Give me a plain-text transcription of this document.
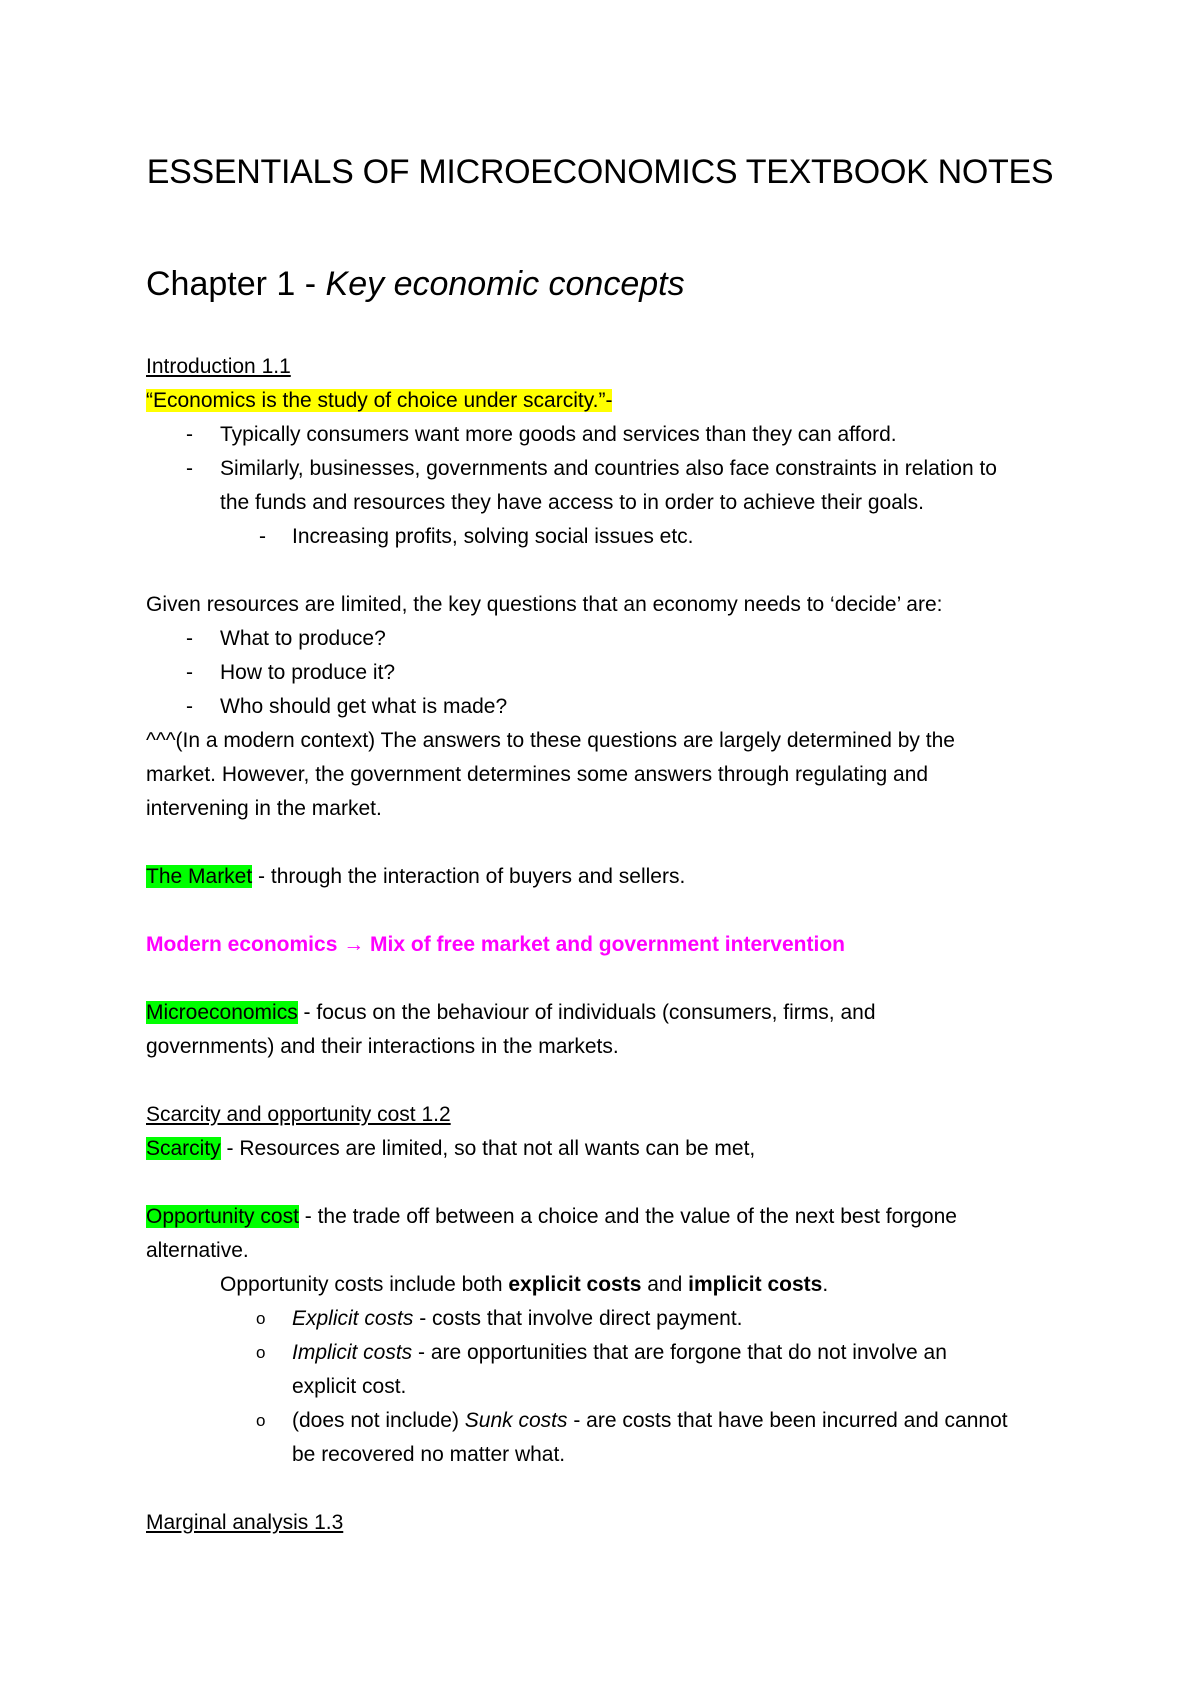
ESSENTIALS OF MICROECONOMICS TEXTBOOK NOTES
Chapter 1 - Key economic concepts
Introduction 1.1
“Economics is the study of choice under scarcity.”-
- Typically consumers want more goods and services than they can afford.
- Similarly, businesses, governments and countries also face constraints in relation to
the funds and resources they have access to in order to achieve their goals.
- Increasing profits, solving social issues etc.
Given resources are limited, the key questions that an economy needs to ‘decide’ are:
- What to produce?
- How to produce it?
- Who should get what is made?
^^^(In a modern context) The answers to these questions are largely determined by the
market. However, the government determines some answers through regulating and
intervening in the market.
The Market - through the interaction of buyers and sellers.
Modern economics → Mix of free market and government intervention
Microeconomics - focus on the behaviour of individuals (consumers, firms, and
governments) and their interactions in the markets.
Scarcity and opportunity cost 1.2
Scarcity - Resources are limited, so that not all wants can be met,
Opportunity cost - the trade off between a choice and the value of the next best forgone
alternative.
Opportunity costs include both explicit costs and implicit costs.
o Explicit costs - costs that involve direct payment.
o Implicit costs - are opportunities that are forgone that do not involve an
explicit cost.
o (does not include) Sunk costs - are costs that have been incurred and cannot
be recovered no matter what.
Marginal analysis 1.3
